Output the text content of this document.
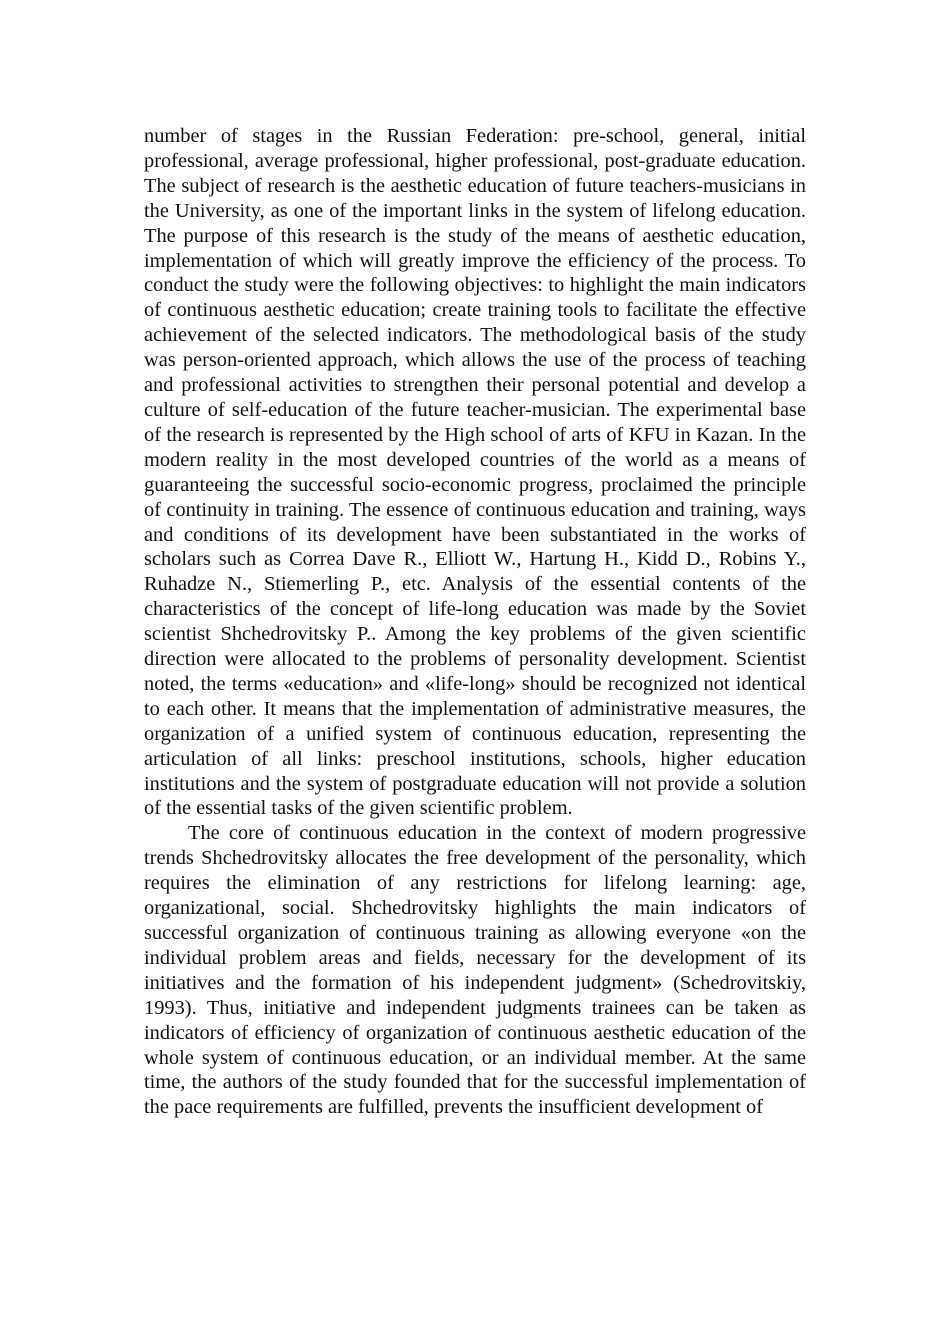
number of stages in the Russian Federation: pre-school, general, initial professional, average professional, higher professional, post-graduate education. The subject of research is the aesthetic education of future teachers-musicians in the University, as one of the important links in the system of lifelong education. The purpose of this research is the study of the means of aesthetic education, implementation of which will greatly improve the efficiency of the process. To conduct the study were the following objectives: to highlight the main indicators of continuous aesthetic education; create training tools to facilitate the effective achievement of the selected indicators. The methodological basis of the study was person-oriented approach, which allows the use of the process of teaching and professional activities to strengthen their personal potential and develop a culture of self-education of the future teacher-musician. The experimental base of the research is represented by the High school of arts of KFU in Kazan. In the modern reality in the most developed countries of the world as a means of guaranteeing the successful socio-economic progress, proclaimed the principle of continuity in training. The essence of continuous education and training, ways and conditions of its development have been substantiated in the works of scholars such as Correa Dave R., Elliott W., Hartung H., Kidd D., Robins Y., Ruhadze N., Stiemerling P., etc. Analysis of the essential contents of the characteristics of the concept of life-long education was made by the Soviet scientist Shchedrovitsky P.. Among the key problems of the given scientific direction were allocated to the problems of personality development. Scientist noted, the terms «education» and «life-long» should be recognized not identical to each other. It means that the implementation of administrative measures, the organization of a unified system of continuous education, representing the articulation of all links: preschool institutions, schools, higher education institutions and the system of postgraduate education will not provide a solution of the essential tasks of the given scientific problem.

The core of continuous education in the context of modern progressive trends Shchedrovitsky allocates the free development of the personality, which requires the elimination of any restrictions for lifelong learning: age, organizational, social. Shchedrovitsky highlights the main indicators of successful organization of continuous training as allowing everyone «on the individual problem areas and fields, necessary for the development of its initiatives and the formation of his independent judgment» (Schedrovitskiy, 1993). Thus, initiative and independent judgments trainees can be taken as indicators of efficiency of organization of continuous aesthetic education of the whole system of continuous education, or an individual member. At the same time, the authors of the study founded that for the successful implementation of the pace requirements are fulfilled, prevents the insufficient development of
